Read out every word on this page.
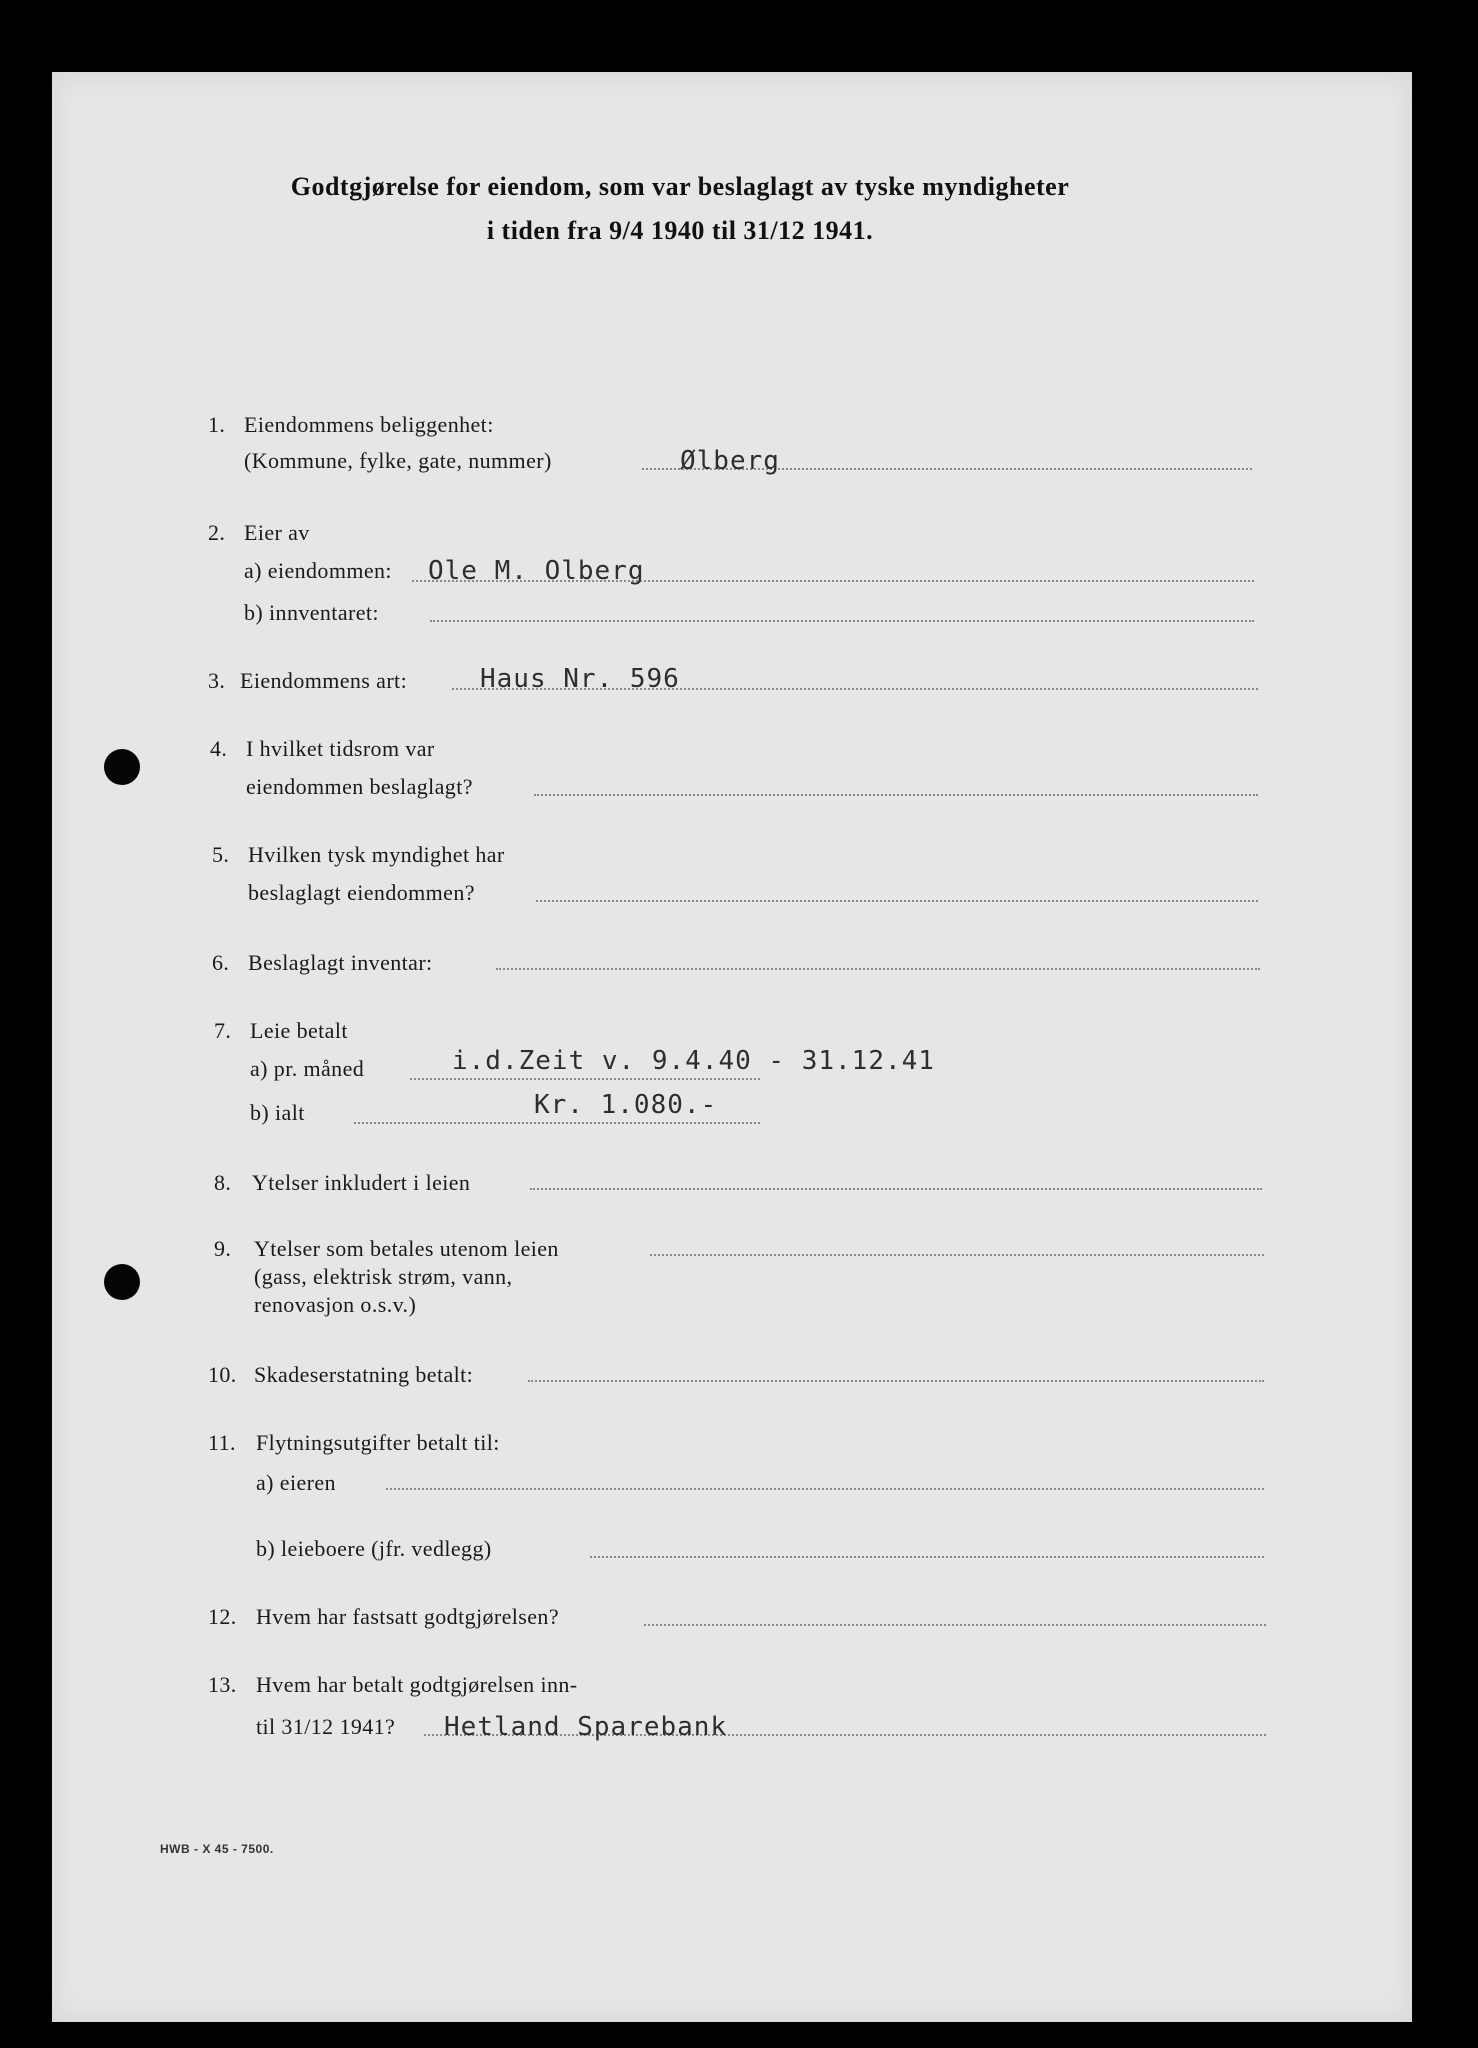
Godtgjørelse for eiendom, som var beslaglagt av tyske myndigheter
i tiden fra 9/4 1940 til 31/12 1941.
1. Eiendommens beliggenhet:
(Kommune, fylke, gate, nummer)	Ølberg
2. Eier av
a) eiendommen: Ole M. Olberg
b) innventaret:
3. Eiendommens art:	Haus Nr. 596
4. I hvilket tidsrom var
eiendommen beslaglagt?
5. Hvilken tysk myndighet har
beslaglagt eiendommen?
6. Beslaglagt inventar:
7. Leie betalt
a) pr. måned	i.d.Zeit v. 9.4.40 - 31.12.41
b) ialt	Kr. 1.080.-
8. Ytelser inkludert i leien
9. Ytelser som betales utenom leien
(gass, elektrisk strøm, vann,
renovasjon o.s.v.)
10. Skadeserstatning betalt:
11. Flytningsutgifter betalt til:
a) eieren
b) leieboere (jfr. vedlegg)
12. Hvem har fastsatt godtgjørelsen?
13. Hvem har betalt godtgjørelsen inn-
til 31/12 1941? Hetland Sparebank
HWB - X 45 - 7500.
